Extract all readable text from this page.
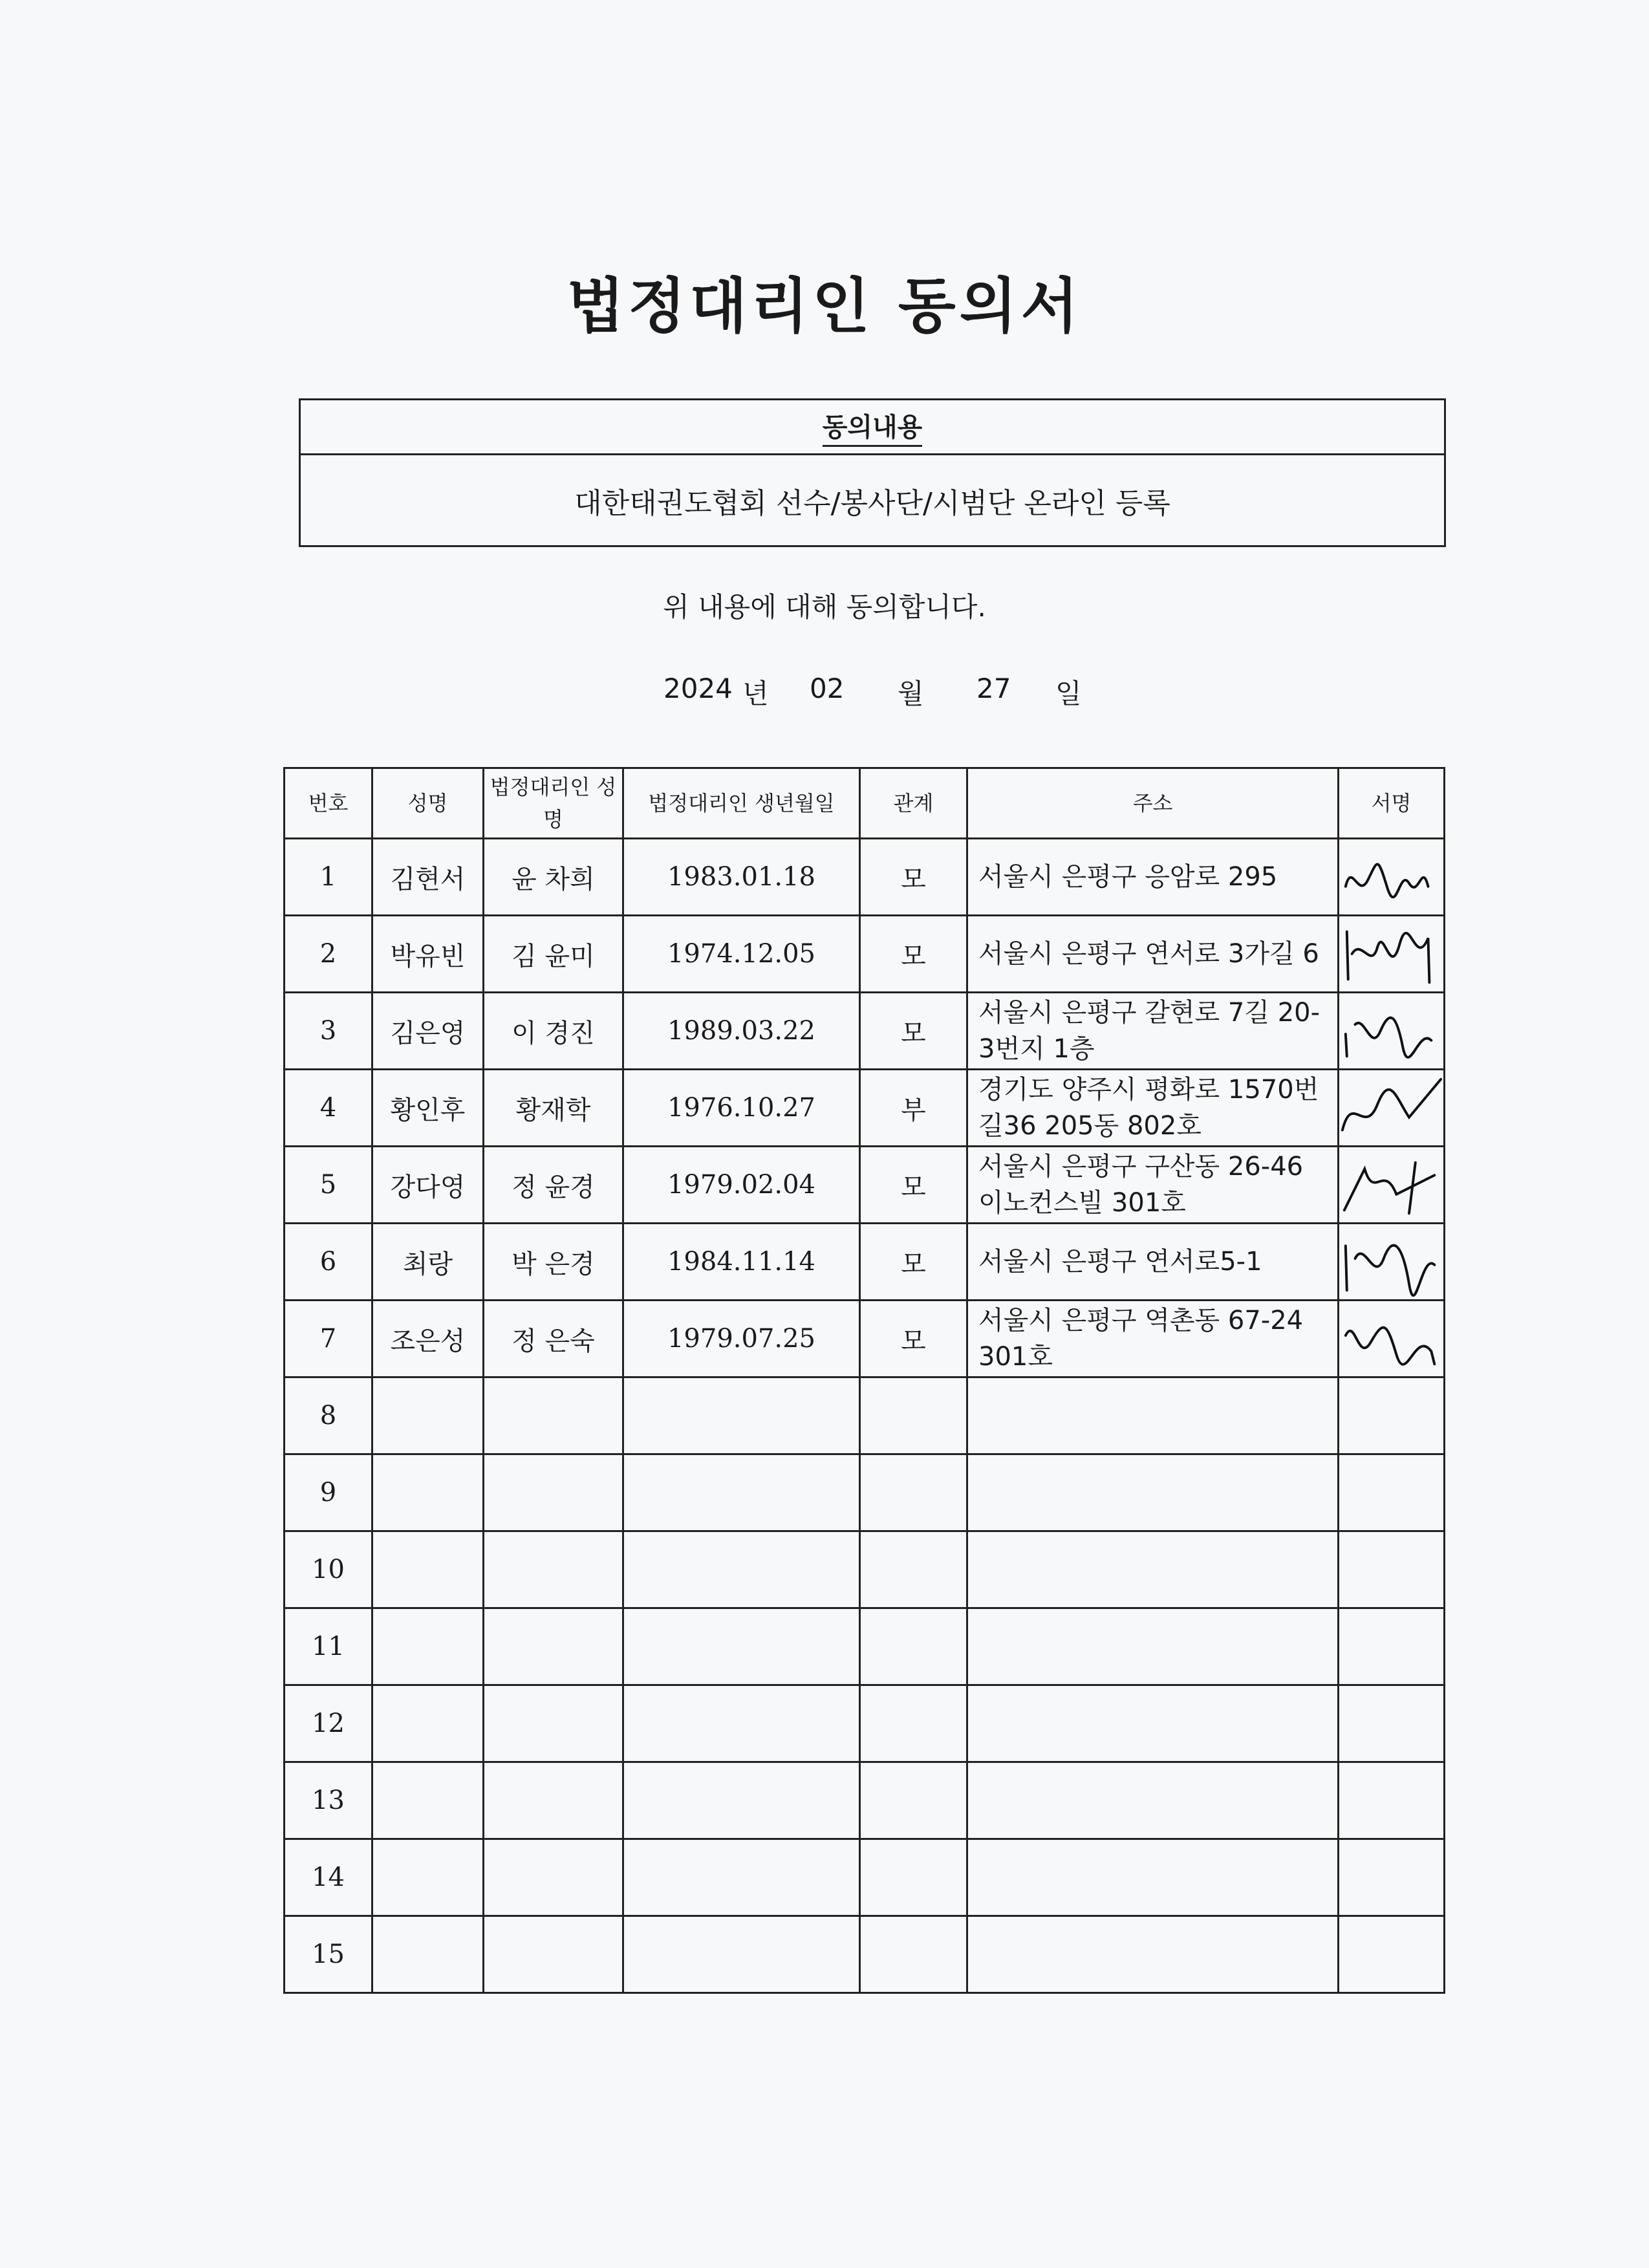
법정대리인 동의서
동의내용
대한태권도협회 선수/봉사단/시범단 온라인 등록
위 내용에 대해 동의합니다.
2024 년 02 월 27 일
번호	성명	법정대리인 성명	법정대리인 생년월일	관계	주소	서명
1	김현서	윤 차희	1983.01.18	모	서울시 은평구 응암로 295	

2	박유빈	김 윤미	1974.12.05	모	서울시 은평구 연서로 3가길 6	

3	김은영	이 경진	1989.03.22	모	서울시 은평구 갈현로 7길 20-3번지 1층	

4	황인후	황재학	1976.10.27	부	경기도 양주시 평화로 1570번길36 205동 802호	

5	강다영	정 윤경	1979.02.04	모	서울시 은평구 구산동 26-46 이노컨스빌 301호	

6	최랑	박 은경	1984.11.14	모	서울시 은평구 연서로5-1	

7	조은성	정 은숙	1979.07.25	모	서울시 은평구 역촌동 67-24 301호	

8						
9						
10						
11						
12						
13						
14						
15						
